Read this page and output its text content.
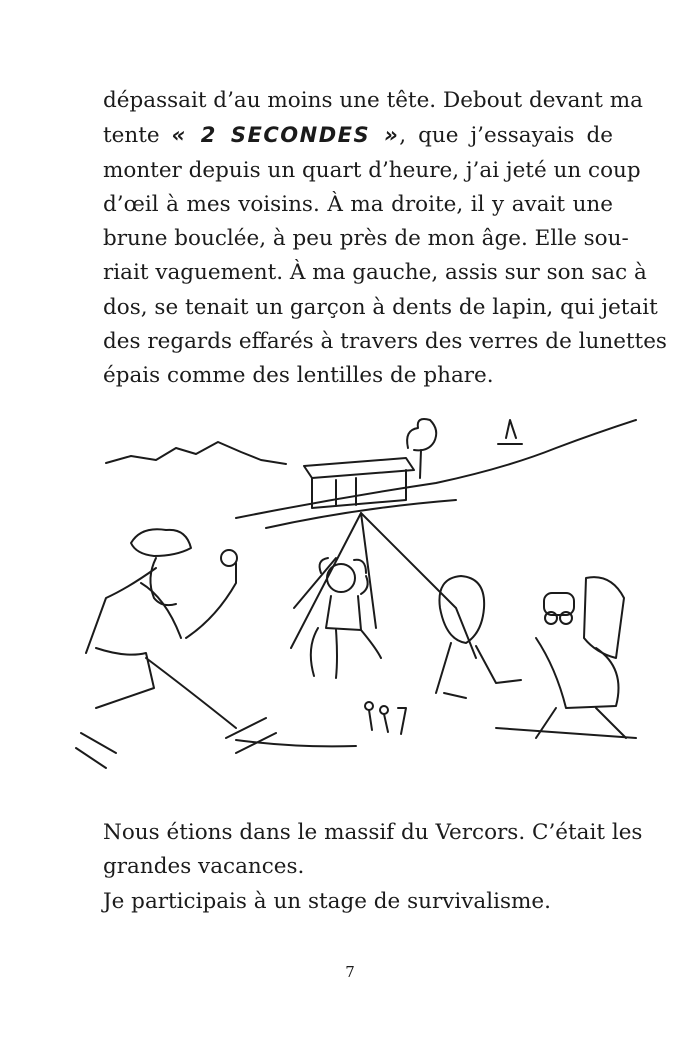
dépassait d’au moins une tête. Debout devant ma
tente « 2 SECONDES », que j’essayais de
monter depuis un quart d’heure, j’ai jeté un coup
d’œil à mes voisins. À ma droite, il y avait une
brune bouclée, à peu près de mon âge. Elle sou-
riait vaguement. À ma gauche, assis sur son sac à
dos, se tenait un garçon à dents de lapin, qui jetait
des regards effarés à travers des verres de lunettes
épais comme des lentilles de phare.
Nous étions dans le massif du Vercors. C’était les
grandes vacances.
Je participais à un stage de survivalisme.
7
